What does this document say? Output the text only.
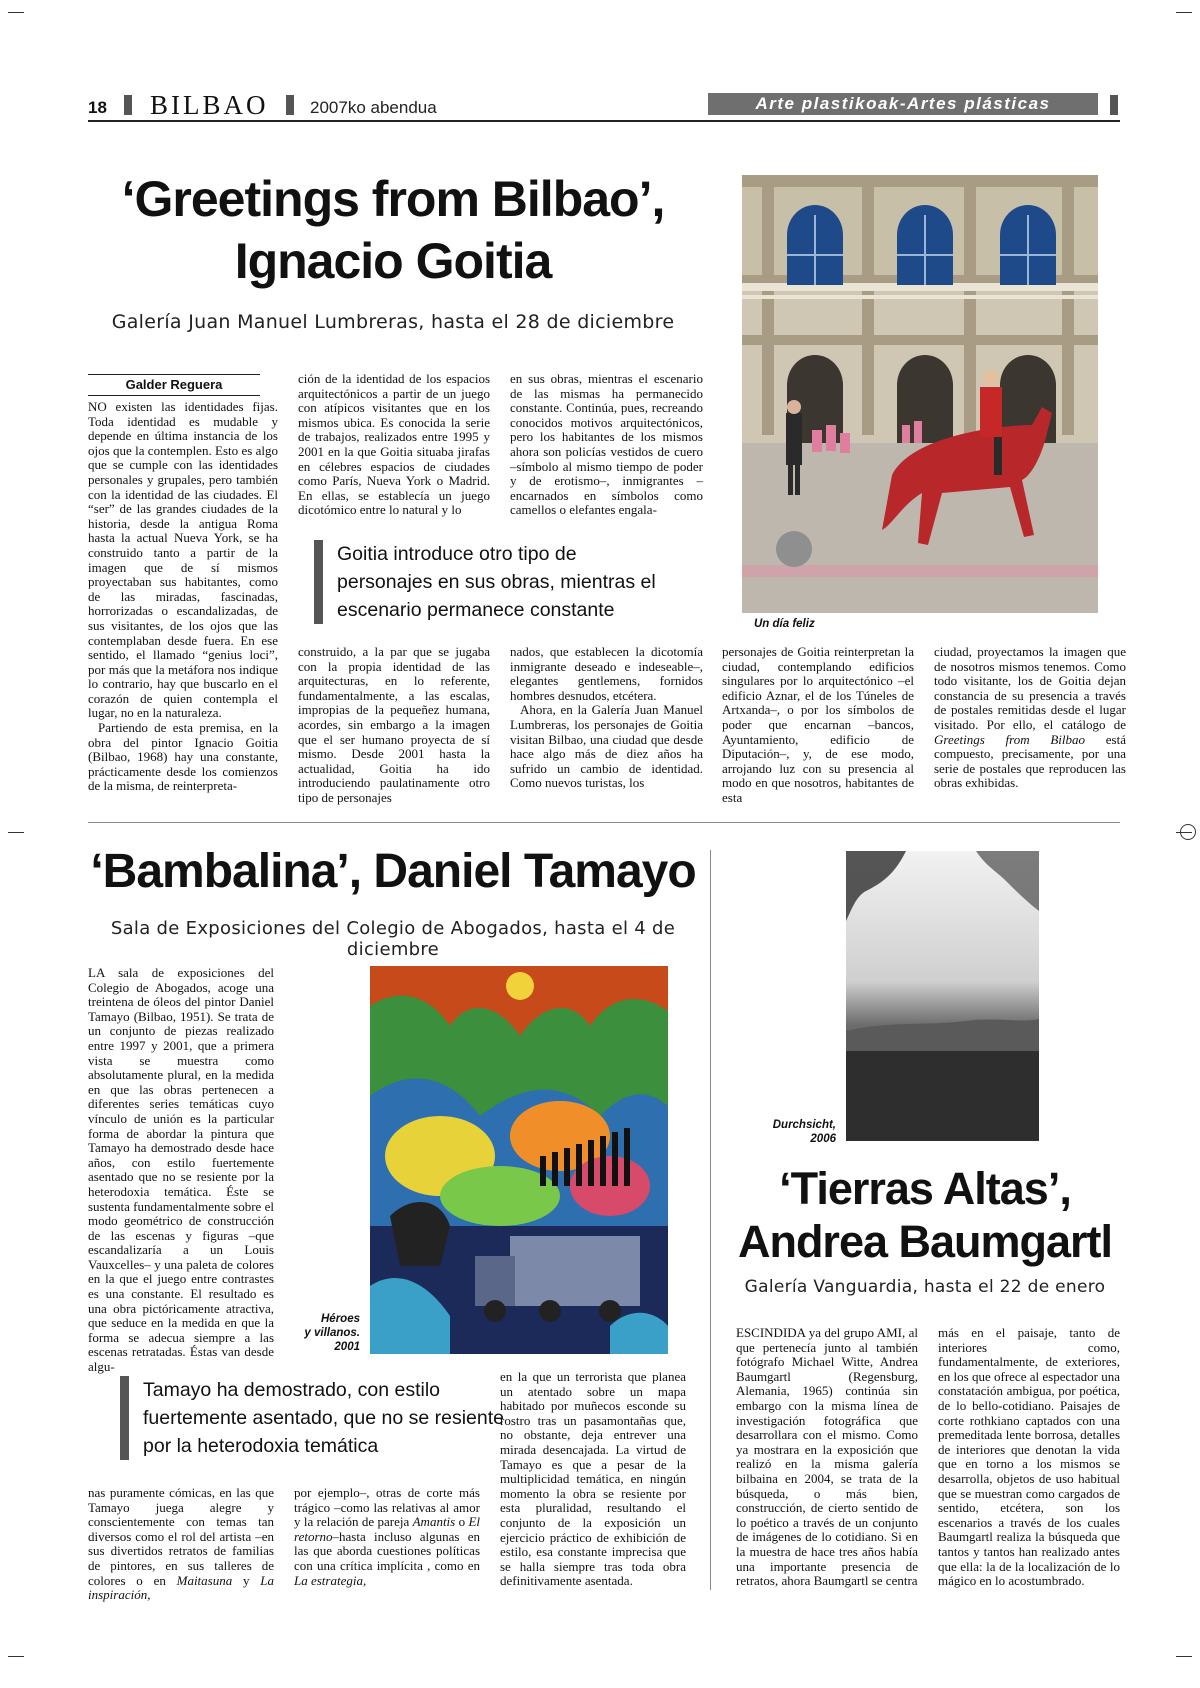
18 BILBAO 2007ko abendua	Arte plastikoak-Artes plásticas
‘Greetings from Bilbao’,
Ignacio Goitia
Galería Juan Manuel Lumbreras, hasta el 28 de diciembre
Galder Reguera

NO existen las identidades fijas. Toda identidad es mudable y depende en última instancia de los ojos que la contemplen. Esto es algo que se cumple con las identidades personales y grupales, pero también con la identidad de las ciudades. El “ser” de las grandes ciudades de la historia, desde la antigua Roma hasta la actual Nueva York, se ha construido tanto a partir de la imagen que de sí mismos proyectaban sus habitantes, como de las miradas, fascinadas, horrorizadas o escandalizadas, de sus visitantes, de los ojos que las contemplaban desde fuera. En ese sentido, el llamado “genius loci”, por más que la metáfora nos indique lo contrario, hay que buscarlo en el corazón de quien contempla el lugar, no en la naturaleza.

Partiendo de esta premisa, en la obra del pintor Ignacio Goitia (Bilbao, 1968) hay una constante, prácticamente desde los comienzos de la misma, de reinterpreta-

ción de la identidad de los espacios arquitectónicos a partir de un juego con atípicos visitantes que en los mismos ubica. Es conocida la serie de trabajos, realizados entre 1995 y 2001 en la que Goitia situaba jirafas en célebres espacios de ciudades como París, Nueva York o Madrid. En ellas, se establecía un juego dicotómico entre lo natural y lo

en sus obras, mientras el escenario de las mismas ha permanecido constante. Continúa, pues, recreando conocidos motivos arquitectónicos, pero los habitantes de los mismos ahora son policías vestidos de cuero –símbolo al mismo tiempo de poder y de erotismo–, inmigrantes –encarnados en símbolos como camellos o elefantes engala-

Goitia introduce otro tipo de personajes en sus obras, mientras el escenario permanece constante

construido, a la par que se jugaba con la propia identidad de las arquitecturas, en lo referente, fundamentalmente, a las escalas, impropias de la pequeñez humana, acordes, sin embargo a la imagen que el ser humano proyecta de sí mismo. Desde 2001 hasta la actualidad, Goitia ha ido introduciendo paulatinamente otro tipo de personajes

nados, que establecen la dicotomía inmigrante deseado e indeseable–, elegantes gentlemens, fornidos hombres desnudos, etcétera.

Ahora, en la Galería Juan Manuel Lumbreras, los personajes de Goitia visitan Bilbao, una ciudad que desde hace algo más de diez años ha sufrido un cambio de identidad. Como nuevos turistas, los

personajes de Goitia reinterpretan la ciudad, contemplando edificios singulares por lo arquitectónico –el edificio Aznar, el de los Túneles de Artxanda–, o por los símbolos de poder que encarnan –bancos, Ayuntamiento, edificio de Diputación–, y, de ese modo, arrojando luz con su presencia al modo en que nosotros, habitantes de esta

ciudad, proyectamos la imagen que de nosotros mismos tenemos. Como todo visitante, los de Goitia dejan constancia de su presencia a través de postales remitidas desde el lugar visitado. Por ello, el catálogo de Greetings from Bilbao está compuesto, precisamente, por una serie de postales que reproducen las obras exhibidas.

Un día feliz
‘Bambalina’, Daniel Tamayo
Sala de Exposiciones del Colegio de Abogados, hasta el 4 de diciembre

LA sala de exposiciones del Colegio de Abogados, acoge una treintena de óleos del pintor Daniel Tamayo (Bilbao, 1951). Se trata de un conjunto de piezas realizado entre 1997 y 2001, que a primera vista se muestra como absolutamente plural, en la medida en que las obras pertenecen a diferentes series temáticas cuyo vínculo de unión es la particular forma de abordar la pintura que Tamayo ha demostrado desde hace años, con estilo fuertemente asentado que no se resiente por la heterodoxia temática. Éste se sustenta fundamentalmente sobre el modo geométrico de construcción de las escenas y figuras –que escandalizaría a un Louis Vauxcelles– y una paleta de colores en la que el juego entre contrastes es una constante. El resultado es una obra pictóricamente atractiva, que seduce en la medida en que la forma se adecua siempre a las escenas retratadas. Éstas van desde algu-

Héroes
y villanos.
2001
Tamayo ha demostrado, con estilo fuertemente asentado, que no se resiente por la heterodoxia temática

nas puramente cómicas, en las que Tamayo juega alegre y conscientemente con temas tan diversos como el rol del artista –en sus divertidos retratos de familias de pintores, en sus talleres de colores o en Maitasuna y La inspiración,

por ejemplo–, otras de corte más trágico –como las relativas al amor y la relación de pareja Amantis o El retorno–hasta incluso algunas en las que aborda cuestiones políticas con una crítica implícita , como en La estrategia,

en la que un terrorista que planea un atentado sobre un mapa habitado por muñecos esconde su rostro tras un pasamontañas que, no obstante, deja entrever una mirada desencajada. La virtud de Tamayo es que a pesar de la multiplicidad temática, en ningún momento la obra se resiente por esta pluralidad, resultando el conjunto de la exposición un ejercicio práctico de exhibición de estilo, esa constante imprecisa que se halla siempre tras toda obra definitivamente asentada.

Durchsicht,
2006
‘Tierras Altas’,
Andrea Baumgartl
Galería Vanguardia, hasta el 22 de enero

ESCINDIDA ya del grupo AMI, al que pertenecía junto al también fotógrafo Michael Witte, Andrea Baumgartl (Regensburg, Alemania, 1965) continúa sin embargo con la misma línea de investigación fotográfica que desarrollara con el mismo. Como ya mostrara en la exposición que realizó en la misma galería bilbaina en 2004, se trata de la búsqueda, o más bien, construcción, de cierto sentido de lo poético a través de un conjunto de imágenes de lo cotidiano. Si en la muestra de hace tres años había una importante presencia de retratos, ahora Baumgartl se centra

más en el paisaje, tanto de interiores como, fundamentalmente, de exteriores, en los que ofrece al espectador una constatación ambigua, por poética, de lo bello-cotidiano. Paisajes de corte rothkiano captados con una premeditada lente borrosa, detalles de interiores que denotan la vida que en torno a los mismos se desarrolla, objetos de uso habitual que se muestran como cargados de sentido, etcétera, son los escenarios a través de los cuales Baumgartl realiza la búsqueda que tantos y tantos han realizado antes que ella: la de la localización de lo mágico en lo acostumbrado.
